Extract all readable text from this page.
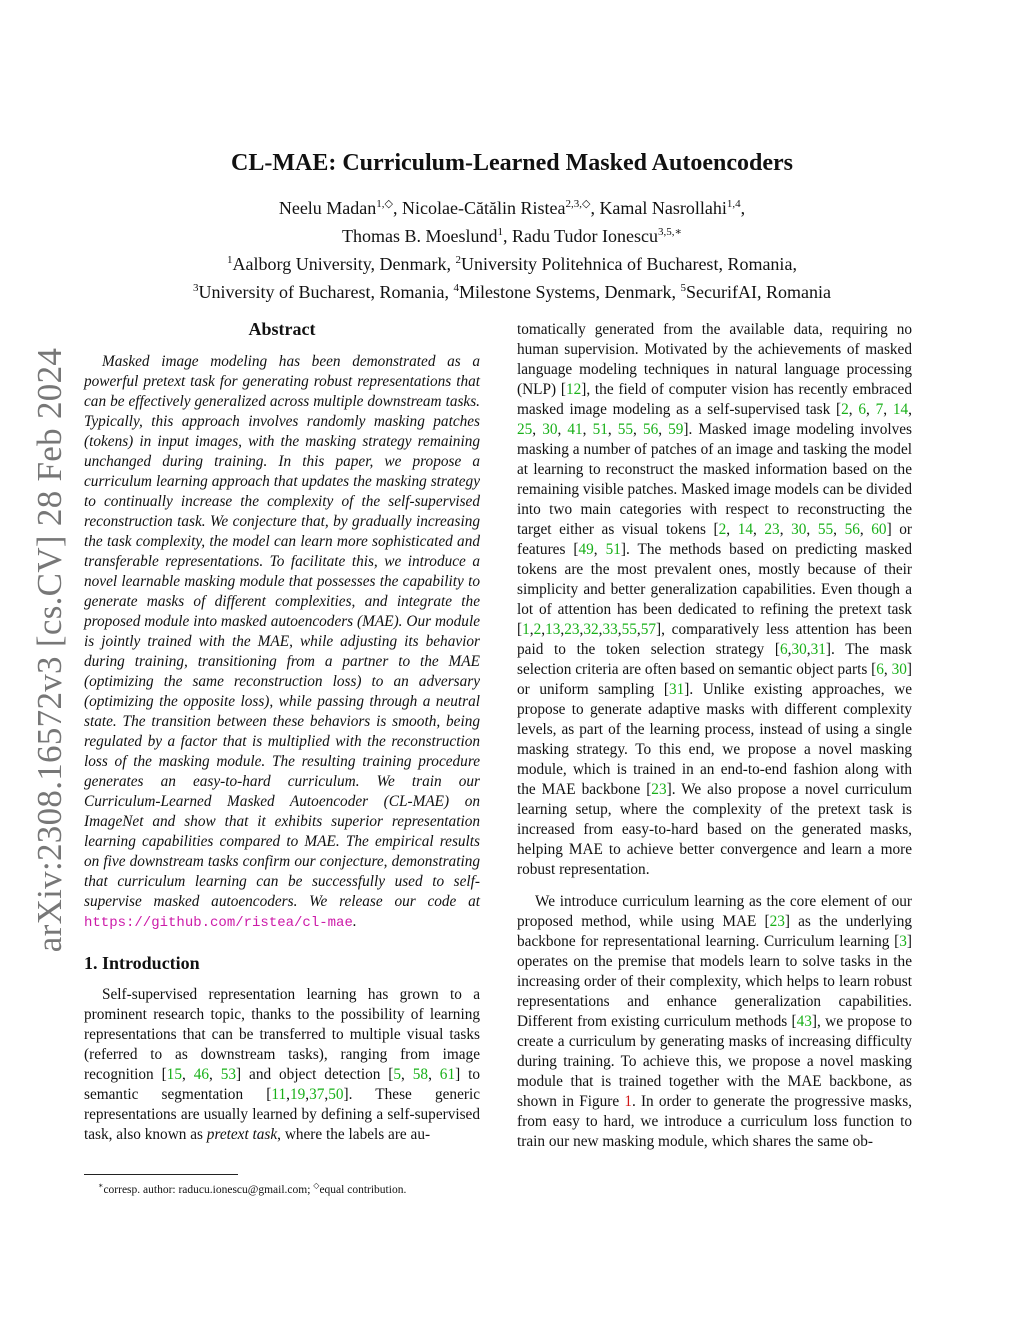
arXiv:2308.16572v3 [cs.CV] 28 Feb 2024
CL-MAE: Curriculum-Learned Masked Autoencoders
Neelu Madan$^{1,◇}$, Nicolae-Cătălin Ristea$^{2,3,◇}$, Kamal Nasrollahi$^{1,4}$,
Thomas B. Moeslund$^1$, Radu Tudor Ionescu$^{3,5,∗}$
$^1$Aalborg University, Denmark, $^2$University Politehnica of Bucharest, Romania,
$^3$University of Bucharest, Romania, $^4$Milestone Systems, Denmark, $^5$SecurifAI, Romania
Abstract

Masked image modeling has been demonstrated as a powerful pretext task for generating robust representations that can be effectively generalized across multiple downstream tasks. Typically, this approach involves randomly masking patches (tokens) in input images, with the masking strategy remaining unchanged during training. In this paper, we propose a curriculum learning approach that updates the masking strategy to continually increase the complexity of the self-supervised reconstruction task. We conjecture that, by gradually increasing the task complexity, the model can learn more sophisticated and transferable representations. To facilitate this, we introduce a novel learnable masking module that possesses the capability to generate masks of different complexities, and integrate the proposed module into masked autoencoders (MAE). Our module is jointly trained with the MAE, while adjusting its behavior during training, transitioning from a partner to the MAE (optimizing the same reconstruction loss) to an adversary (optimizing the opposite loss), while passing through a neutral state. The transition between these behaviors is smooth, being regulated by a factor that is multiplied with the reconstruction loss of the masking module. The resulting training procedure generates an easy-to-hard curriculum. We train our Curriculum-Learned Masked Autoencoder (CL-MAE) on ImageNet and show that it exhibits superior representation learning capabilities compared to MAE. The empirical results on five downstream tasks confirm our conjecture, demonstrating that curriculum learning can be successfully used to self-supervise masked autoencoders. We release our code at https://github.com/ristea/cl-mae.

1. Introduction

Self-supervised representation learning has grown to a prominent research topic, thanks to the possibility of learning representations that can be transferred to multiple visual tasks (referred to as downstream tasks), ranging from image recognition [15, 46, 53] and object detection [5, 58, 61] to semantic segmentation [11,19,37,50]. These generic representations are usually learned by defining a self-supervised task, also known as pretext task, where the labels are au-

tomatically generated from the available data, requiring no human supervision. Motivated by the achievements of masked language modeling techniques in natural language processing (NLP) [12], the field of computer vision has recently embraced masked image modeling as a self-supervised task [2, 6, 7, 14, 25, 30, 41, 51, 55, 56, 59]. Masked image modeling involves masking a number of patches of an image and tasking the model at learning to reconstruct the masked information based on the remaining visible patches. Masked image models can be divided into two main categories with respect to reconstructing the target either as visual tokens [2, 14, 23, 30, 55, 56, 60] or features [49, 51]. The methods based on predicting masked tokens are the most prevalent ones, mostly because of their simplicity and better generalization capabilities. Even though a lot of attention has been dedicated to refining the pretext task [1,2,13,23,32,33,55,57], comparatively less attention has been paid to the token selection strategy [6,30,31]. The mask selection criteria are often based on semantic object parts [6, 30] or uniform sampling [31]. Unlike existing approaches, we propose to generate adaptive masks with different complexity levels, as part of the learning process, instead of using a single masking strategy. To this end, we propose a novel masking module, which is trained in an end-to-end fashion along with the MAE backbone [23]. We also propose a novel curriculum learning setup, where the complexity of the pretext task is increased from easy-to-hard based on the generated masks, helping MAE to achieve better convergence and learn a more robust representation.

We introduce curriculum learning as the core element of our proposed method, while using MAE [23] as the underlying backbone for representational learning. Curriculum learning [3] operates on the premise that models learn to solve tasks in the increasing order of their complexity, which helps to learn robust representations and enhance generalization capabilities. Different from existing curriculum methods [43], we propose to create a curriculum by generating masks of increasing difficulty during training. To achieve this, we propose a novel masking module that is trained together with the MAE backbone, as shown in Figure 1. In order to generate the progressive masks, from easy to hard, we introduce a curriculum loss function to train our new masking module, which shares the same ob-

∗corresp. author: raducu.ionescu@gmail.com; ◇equal contribution.
